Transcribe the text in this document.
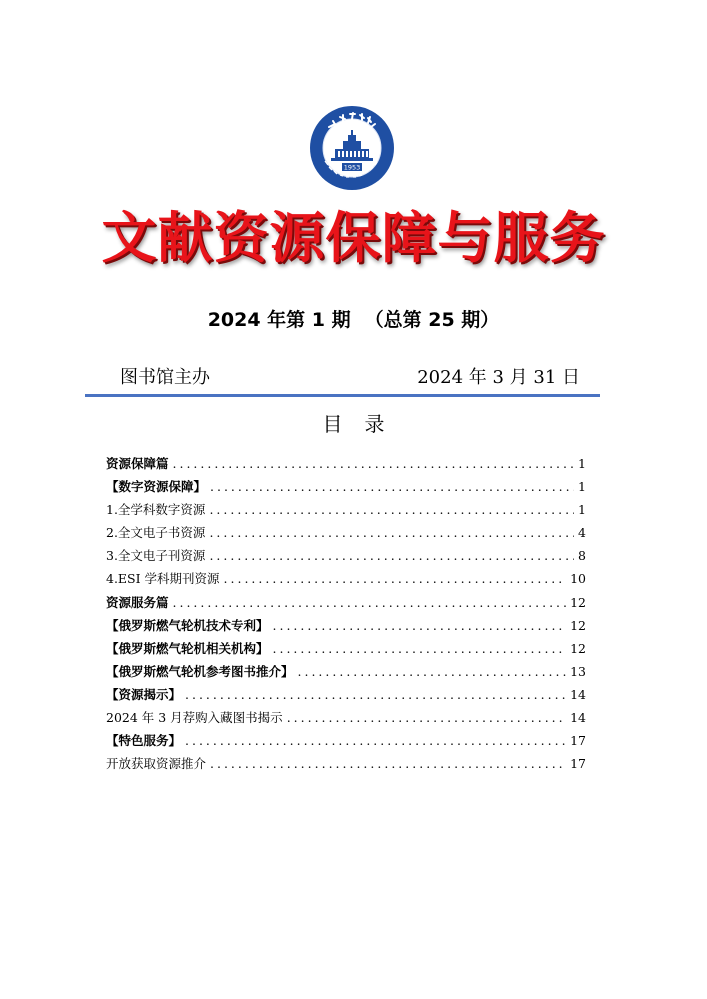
1953
文献资源保障与服务
2024 年第 1 期 （总第 25 期）
图书馆主办	2024 年 3 月 31 日
目录
资源保障篇 .....	1
【数字资源保障】 .....	1
1.全学科数字资源 .....	1
2.全文电子书资源 .....	4
3.全文电子刊资源 .....	8
4.ESI 学科期刊资源 .....	10
资源服务篇 .....	12
【俄罗斯燃气轮机技术专利】 .....	12
【俄罗斯燃气轮机相关机构】 .....	12
【俄罗斯燃气轮机参考图书推介】 .....	13
【资源揭示】 .....	14
2024 年 3 月荐购入藏图书揭示 .....	14
【特色服务】 .....	17
开放获取资源推介 .....	17
